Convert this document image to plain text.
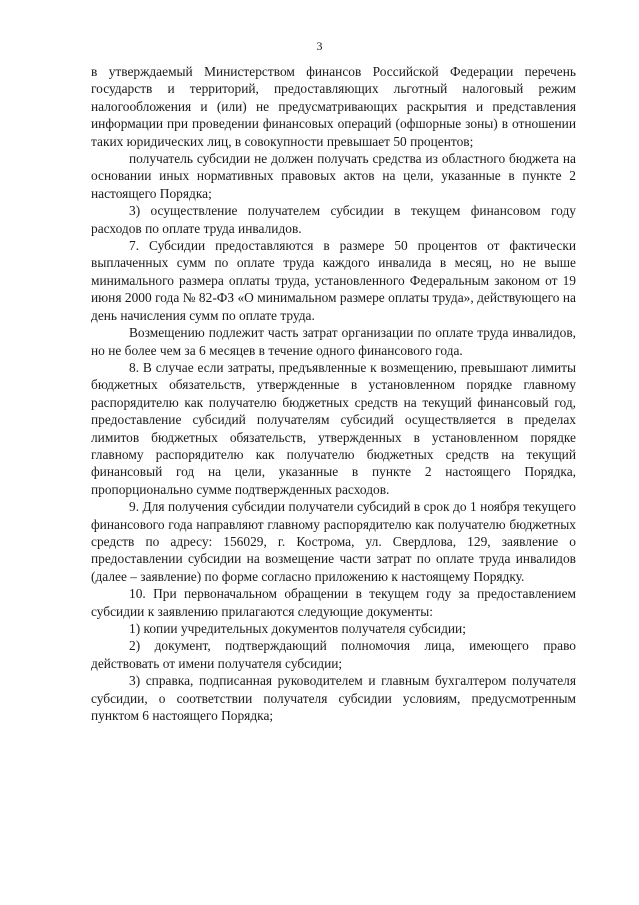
3

в утверждаемый Министерством финансов Российской Федерации перечень государств и территорий, предоставляющих льготный налоговый режим налогообложения и (или) не предусматривающих раскрытия и представления информации при проведении финансовых операций (офшорные зоны) в отношении таких юридических лиц, в совокупности превышает 50 процентов;

получатель субсидии не должен получать средства из областного бюджета на основании иных нормативных правовых актов на цели, указанные в пункте 2 настоящего Порядка;

3) осуществление получателем субсидии в текущем финансовом году расходов по оплате труда инвалидов.

7. Субсидии предоставляются в размере 50 процентов от фактически выплаченных сумм по оплате труда каждого инвалида в месяц, но не выше минимального размера оплаты труда, установленного Федеральным законом от 19 июня 2000 года № 82-ФЗ «О минимальном размере оплаты труда», действующего на день начисления сумм по оплате труда.

Возмещению подлежит часть затрат организации по оплате труда инвалидов, но не более чем за 6 месяцев в течение одного финансового года.

8. В случае если затраты, предъявленные к возмещению, превышают лимиты бюджетных обязательств, утвержденные в установленном порядке главному распорядителю как получателю бюджетных средств на текущий финансовый год, предоставление субсидий получателям субсидий осуществляется в пределах лимитов бюджетных обязательств, утвержденных в установленном порядке главному распорядителю как получателю бюджетных средств на текущий финансовый год на цели, указанные в пункте 2 настоящего Порядка, пропорционально сумме подтвержденных расходов.

9. Для получения субсидии получатели субсидий в срок до 1 ноября текущего финансового года направляют главному распорядителю как получателю бюджетных средств по адресу: 156029, г. Кострома, ул. Свердлова, 129, заявление о предоставлении субсидии на возмещение части затрат по оплате труда инвалидов (далее – заявление) по форме согласно приложению к настоящему Порядку.

10. При первоначальном обращении в текущем году за предоставлением субсидии к заявлению прилагаются следующие документы:

1) копии учредительных документов получателя субсидии;

2) документ, подтверждающий полномочия лица, имеющего право действовать от имени получателя субсидии;

3) справка, подписанная руководителем и главным бухгалтером получателя субсидии, о соответствии получателя субсидии условиям, предусмотренным пунктом 6 настоящего Порядка;
